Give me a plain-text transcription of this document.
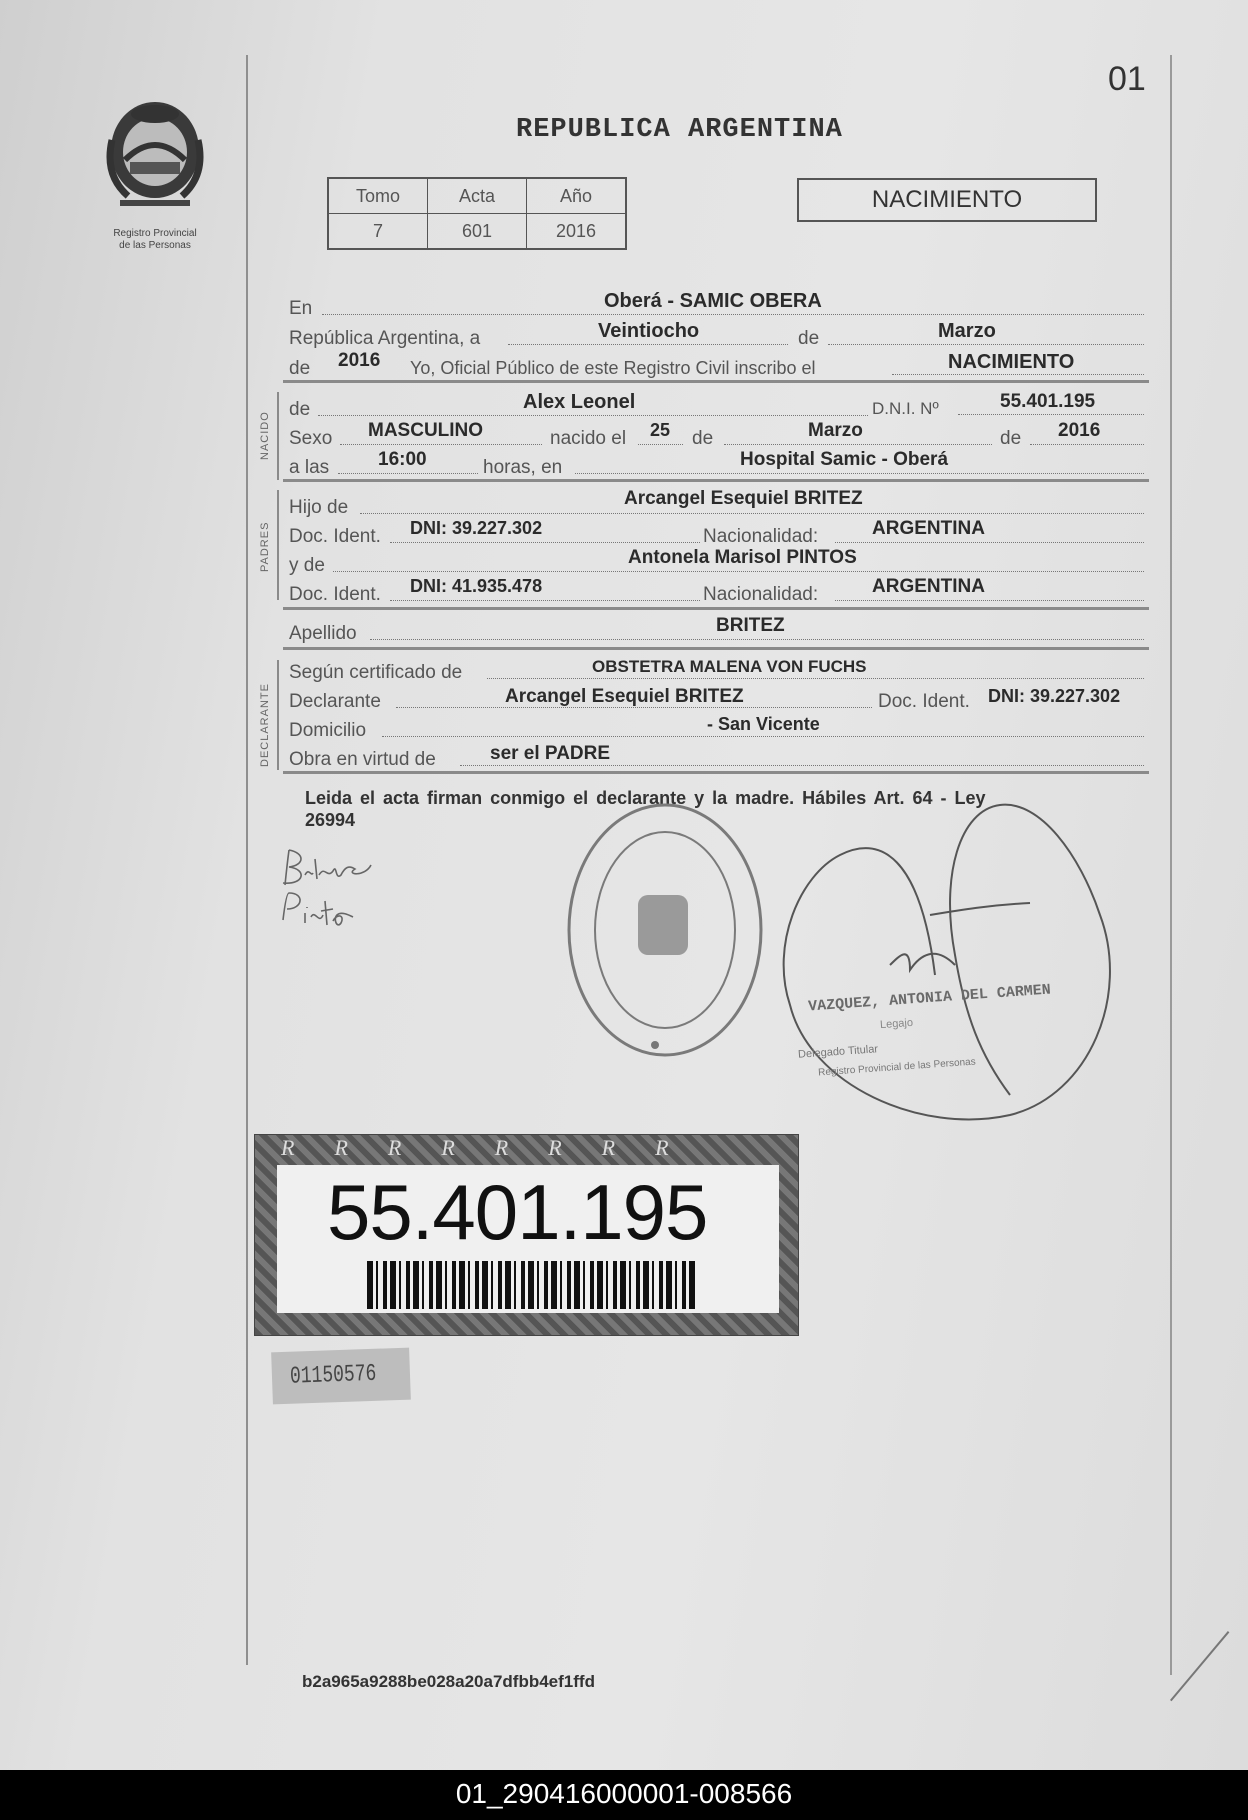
01
Registro Provincial
de las Personas
REPUBLICA ARGENTINA
Tomo	Acta	Año
7	601	2016
NACIMIENTO
NACIDO
PADRES
DECLARANTE
En	Oberá - SAMIC OBERA
República Argentina, a	Veintiocho	de	Marzo
de 2016 Yo, Oficial Público de este Registro Civil inscribo el	NACIMIENTO
de	Alex Leonel	D.N.I. Nº	55.401.195
Sexo MASCULINO	nacido el 25 de	Marzo	de 2016
a las	16:00	horas, en	Hospital Samic - Oberá
Hijo de	Arcangel Esequiel BRITEZ
Doc. Ident. DNI: 39.227.302	Nacionalidad:	ARGENTINA
y de	Antonela Marisol PINTOS
Doc. Ident. DNI: 41.935.478	Nacionalidad:	ARGENTINA
Apellido	BRITEZ
Según certificado de	OBSTETRA MALENA VON FUCHS
Declarante	Arcangel Esequiel BRITEZ	Doc. Ident. DNI: 39.227.302
Domicilio	- San Vicente
Obra en virtud de	ser el PADRE
Leida el acta firman conmigo el declarante y la madre. Hábiles Art. 64 - Ley
26994
VAZQUEZ, ANTONIA DEL CARMEN
Legajo
Delegado Titular
Registro Provincial de las Personas
RRRRRRRR
55.401.195
01150576
b2a965a9288be028a20a7dfbb4ef1ffd
01_290416000001-008566
